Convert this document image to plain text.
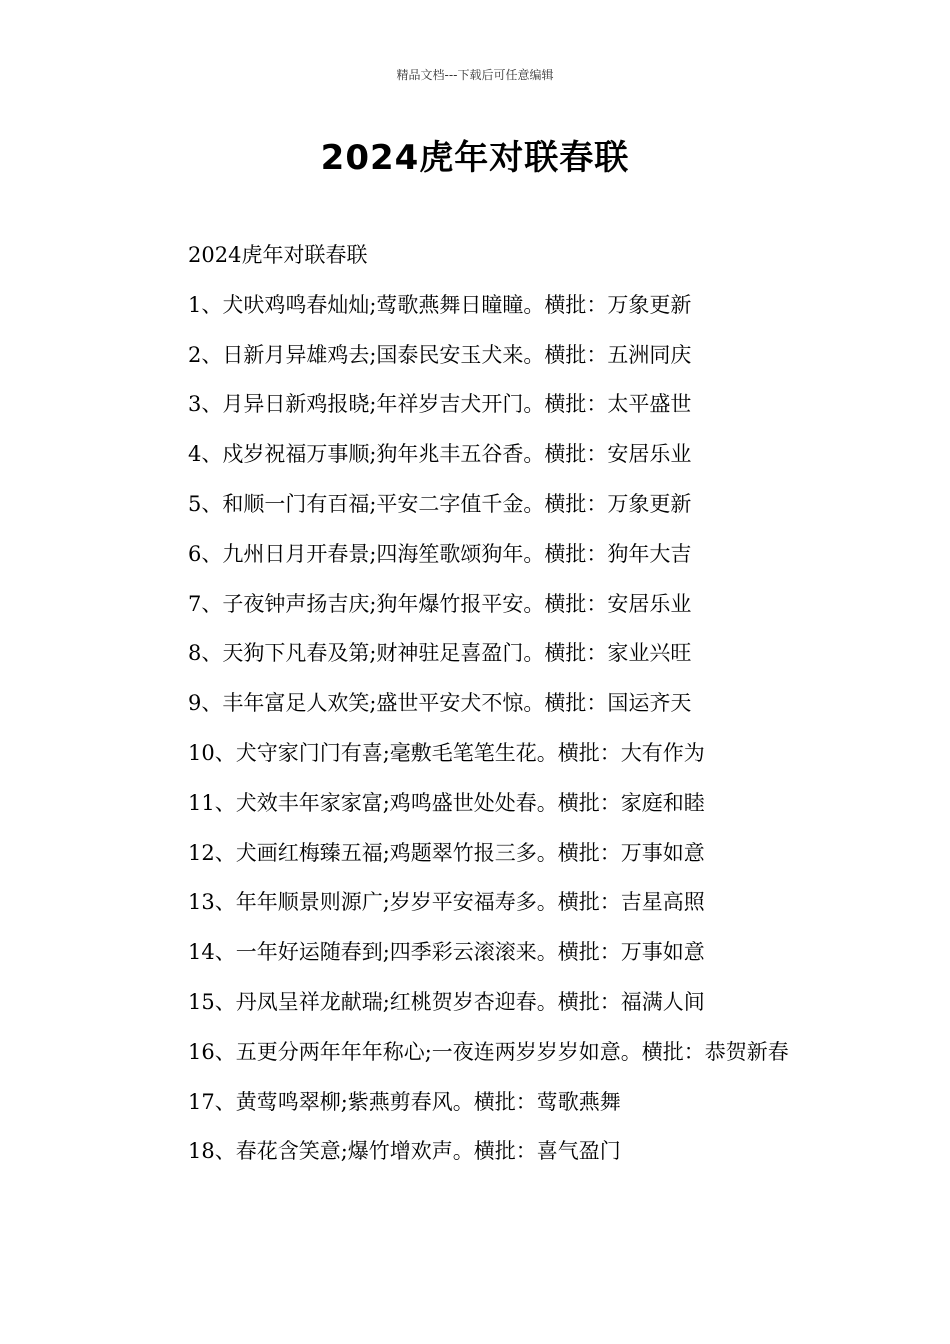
精品文档---下载后可任意编辑
2024虎年对联春联

2024虎年对联春联

1、犬吠鸡鸣春灿灿;莺歌燕舞日瞳瞳。横批：万象更新

2、日新月异雄鸡去;国泰民安玉犬来。横批：五洲同庆

3、月异日新鸡报晓;年祥岁吉犬开门。横批：太平盛世

4、戍岁祝福万事顺;狗年兆丰五谷香。横批：安居乐业

5、和顺一门有百福;平安二字值千金。横批：万象更新

6、九州日月开春景;四海笙歌颂狗年。横批：狗年大吉

7、子夜钟声扬吉庆;狗年爆竹报平安。横批：安居乐业

8、天狗下凡春及第;财神驻足喜盈门。横批：家业兴旺

9、丰年富足人欢笑;盛世平安犬不惊。横批：国运齐天

10、犬守家门门有喜;毫敷毛笔笔生花。横批：大有作为

11、犬效丰年家家富;鸡鸣盛世处处春。横批：家庭和睦

12、犬画红梅臻五福;鸡题翠竹报三多。横批：万事如意

13、年年顺景则源广;岁岁平安福寿多。横批：吉星高照

14、一年好运随春到;四季彩云滚滚来。横批：万事如意

15、丹凤呈祥龙献瑞;红桃贺岁杏迎春。横批：福满人间

16、五更分两年年年称心;一夜连两岁岁岁如意。横批：恭贺新春

17、黄莺鸣翠柳;紫燕剪春风。横批：莺歌燕舞

18、春花含笑意;爆竹增欢声。横批：喜气盈门
